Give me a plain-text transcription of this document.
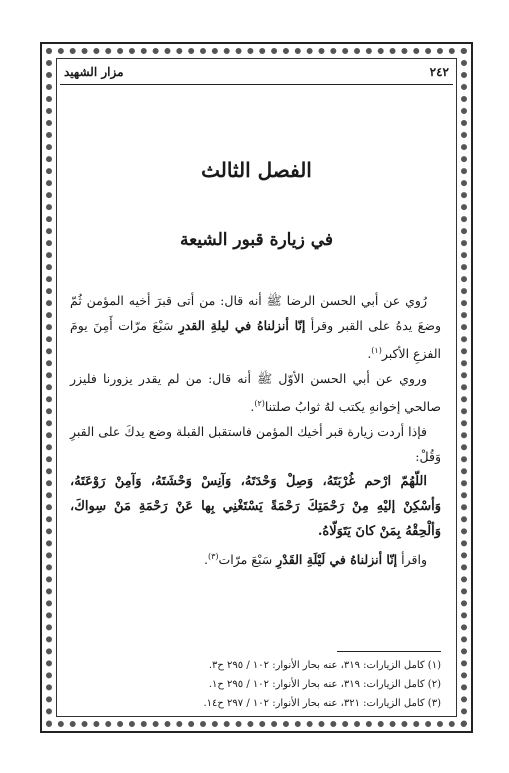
٢٤٢
مزار الشهيد
الفصل الثالث
في زيارة قبور الشيعة

رُوي عن أبي الحسن الرضا ﷺ أنه قال: من أتى قبرَ أخيه المؤمن ثُمّ وضعَ يدهُ على القبر وقرأ إنّا أنزلناهُ في ليلةِ القدرِ سَبْعَ مرّات أَمِنَ يومَ الفزعِ الأكبر$^{(١)}$.

وروي عن أبي الحسن الأوّل ﷺ أنه قال: من لم يقدر يزورنا فليزر صالحي إخوانهِ يكتب لهُ ثوابُ صلتنا$^{(٢)}$.

فإذا أردت زيارة قبر أخيك المؤمن فاستقبل القبلة وضع يدكَ على القبرِ وَقُلْ:

اللّهُمّ ارْحم غُرْبَتَهُ، وَصِلْ وَحْدَتَهُ، وَآنِسْ وَحْشَتَهُ، وَآمِنْ رَوْعَتَهُ، وَأسْكِنْ إليْهِ مِنْ رَحْمَتِكَ رَحْمَةً يَسْتَغْنِي بِها عَنْ رَحْمَةِ مَنْ سِواكَ، وَألْحِقْهُ بِمَنْ كانَ يَتَوَلّاهُ.

واقرأ إنّا أنزلناهُ في لَيْلَةِ القَدْرِ سَبْعَ مرّات$^{(٣)}$.

(١) كامل الزيارات: ٣١٩، عنه بحار الأنوار: ١٠٢ / ٢٩٥ ح٣.
(٢) كامل الزيارات: ٣١٩، عنه بحار الأنوار: ١٠٢ / ٢٩٥ ح١.
(٣) كامل الزيارات: ٣٢١، عنه بحار الأنوار: ١٠٢ / ٢٩٧ ح١٤.
